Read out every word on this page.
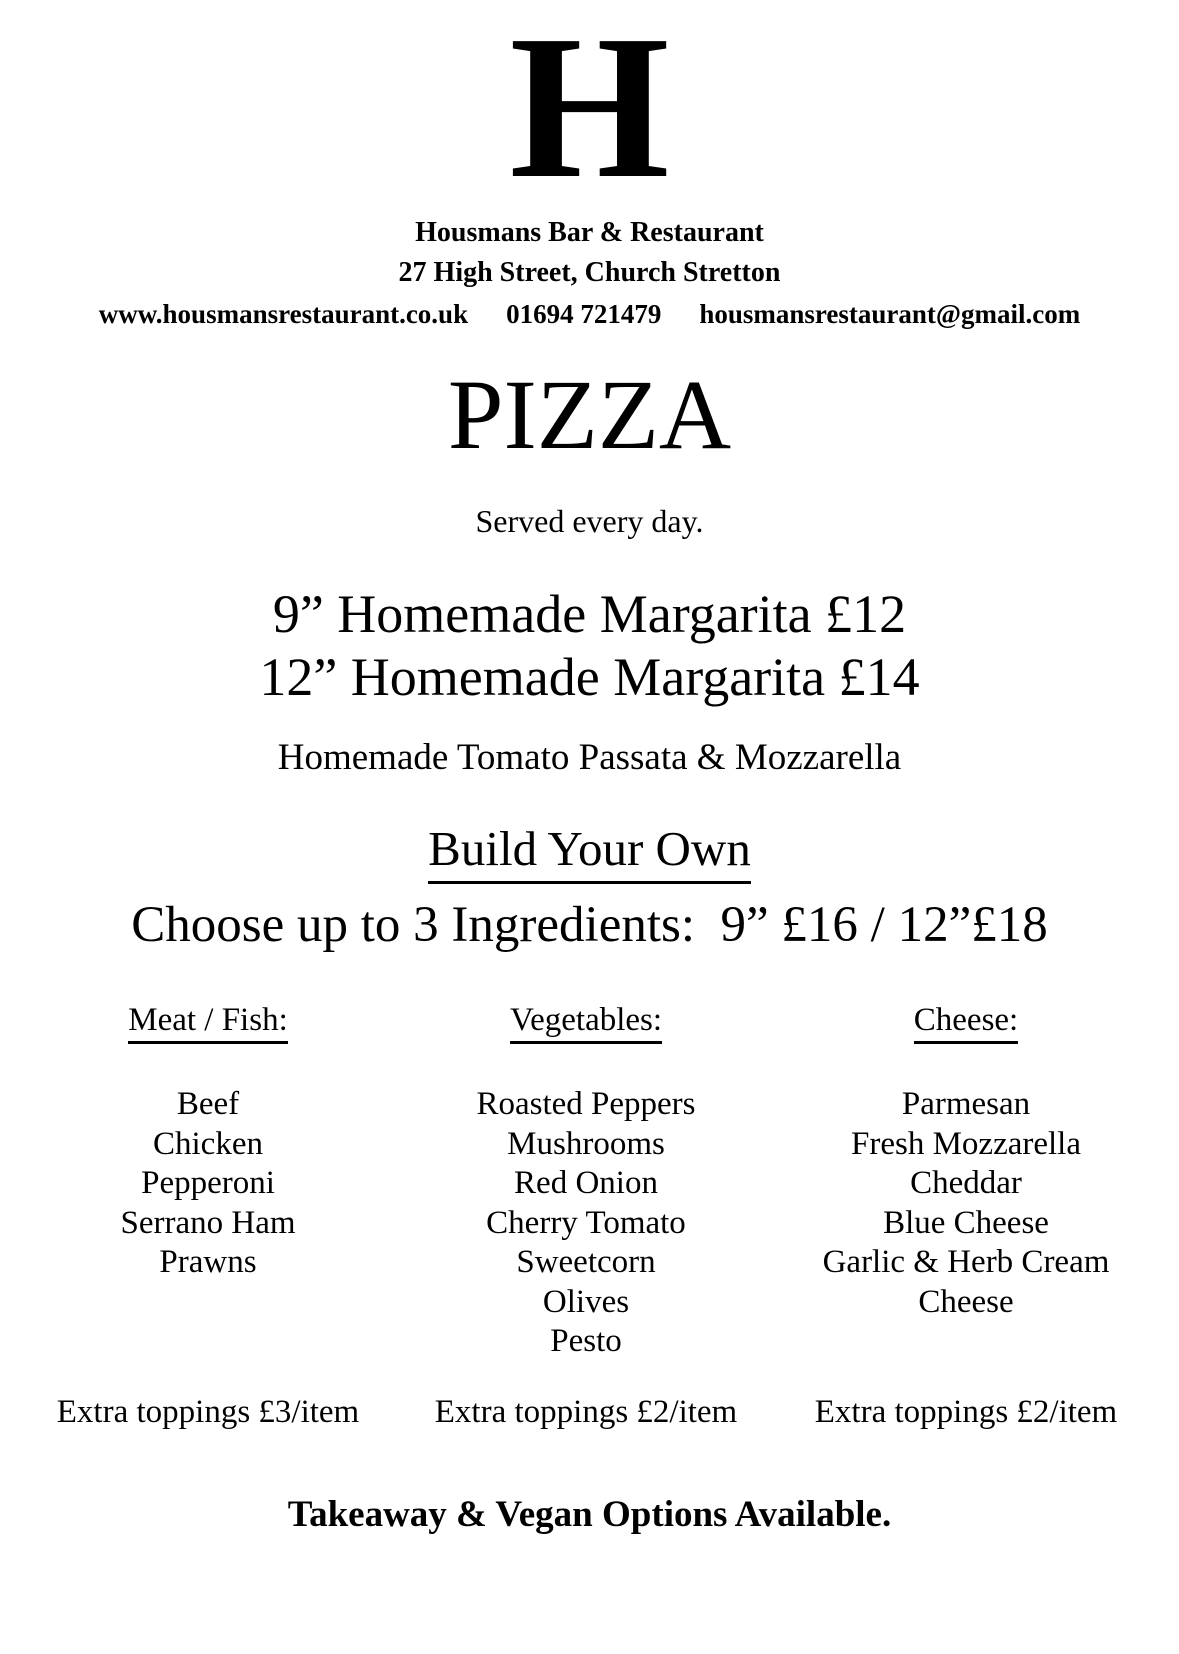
H
Housmans Bar & Restaurant
27 High Street, Church Stretton
www.housmansrestaurant.co.uk 01694 721479 housmansrestaurant@gmail.com
PIZZA
Served every day.
9” Homemade Margarita £12
12” Homemade Margarita £14
Homemade Tomato Passata & Mozzarella
Build Your Own
Choose up to 3 Ingredients:  9” £16 / 12”£18
Meat / Fish:
Beef
Chicken
Pepperoni
Serrano Ham
Prawns
Vegetables:
Roasted Peppers
Mushrooms
Red Onion
Cherry Tomato
Sweetcorn
Olives
Pesto
Cheese:
Parmesan
Fresh Mozzarella
Cheddar
Blue Cheese
Garlic & Herb Cream
Cheese
Extra toppings £3/item	Extra toppings £2/item	Extra toppings £2/item
Takeaway & Vegan Options Available.
